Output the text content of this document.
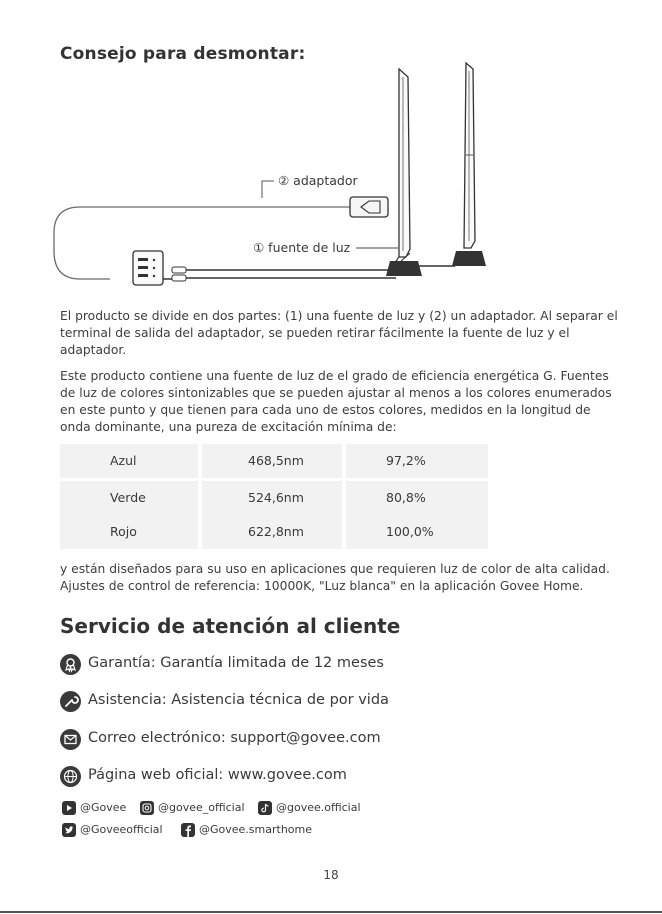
Consejo para desmontar:
② adaptador
① fuente de luz
El producto se divide en dos partes: (1) una fuente de luz y (2) un adaptador. Al separar el terminal de salida del adaptador, se pueden retirar fácilmente la fuente de luz y el adaptador.
Este producto contiene una fuente de luz de el grado de eficiencia energética G. Fuentes de luz de colores sintonizables que se pueden ajustar al menos a los colores enumerados en este punto y que tienen para cada uno de estos colores, medidos en la longitud de onda dominante, una pureza de excitación mínima de:
Azul	468,5nm	97,2%
Verde	524,6nm	80,8%
Rojo	622,8nm	100,0%
y están diseñados para su uso en aplicaciones que requieren luz de color de alta calidad. Ajustes de control de referencia: 10000K, "Luz blanca" en la aplicación Govee Home.
Servicio de atención al cliente
Garantía: Garantía limitada de 12 meses
Asistencia: Asistencia técnica de por vida
Correo electrónico: support@govee.com
Página web oficial: www.govee.com
@Govee	@govee_official	@govee.official
@Goveeofficial	@Govee.smarthome
18
